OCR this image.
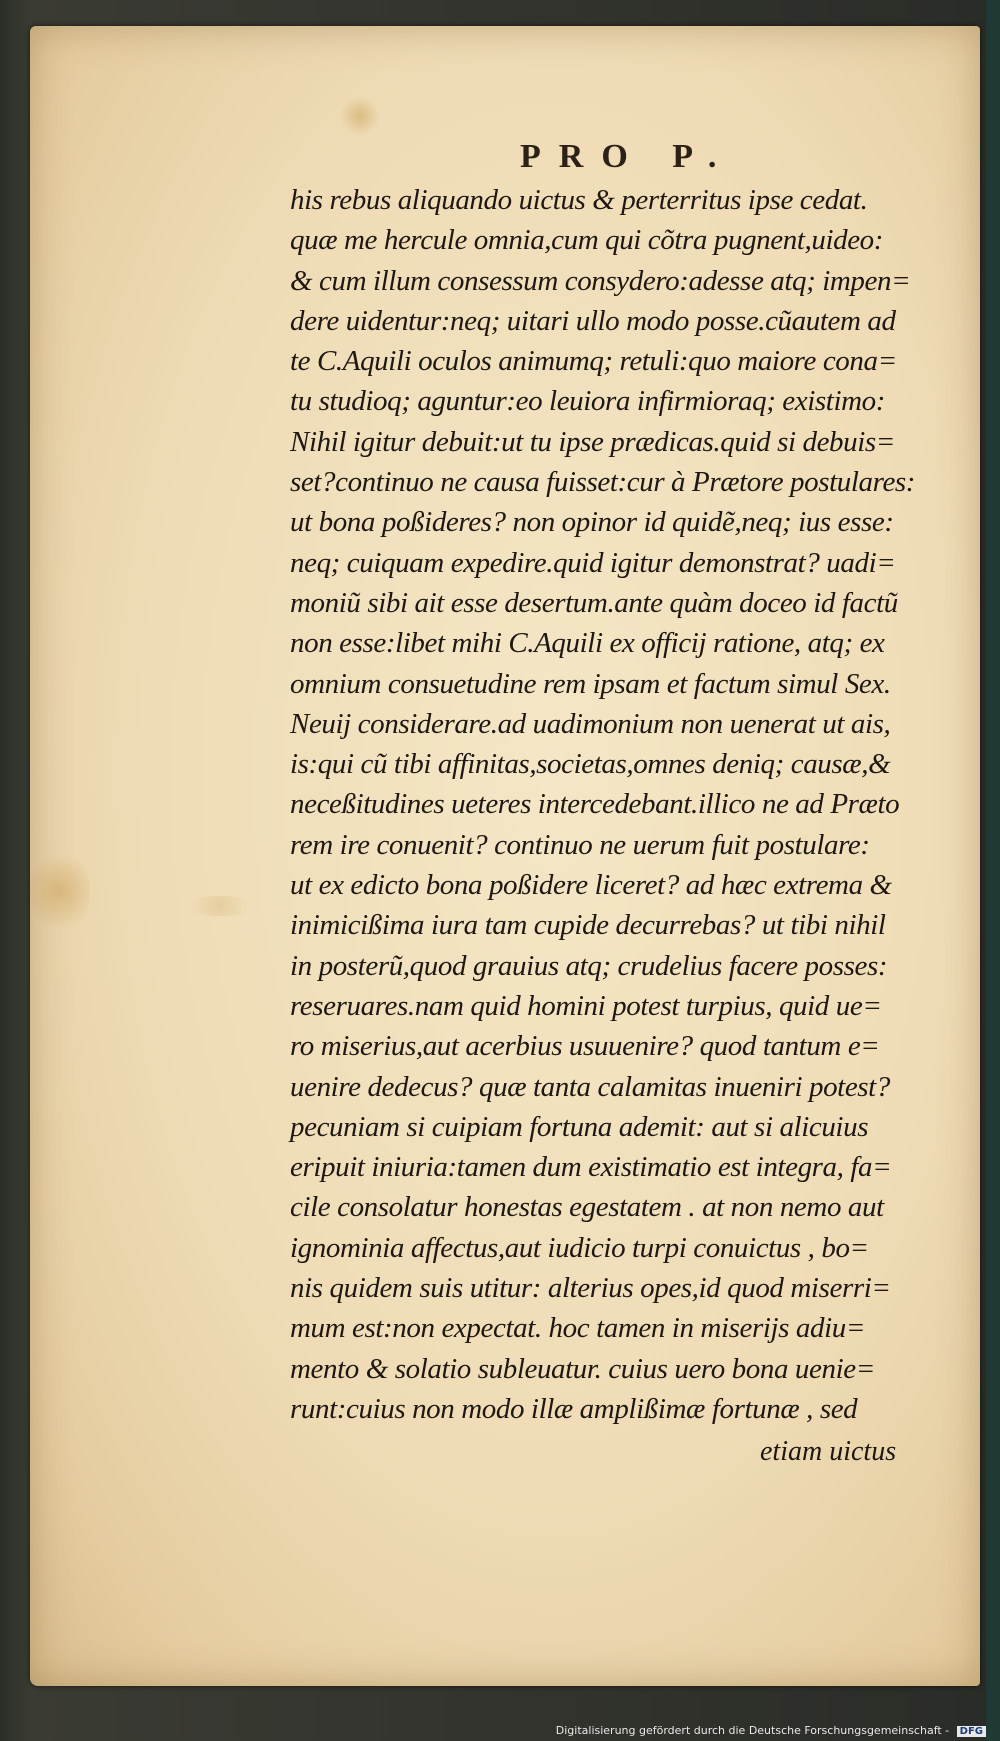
PRO P.
his rebus aliquando uictus & perterritus ipse cedat.
quæ me hercule omnia,cum qui cõtra pugnent,uideo:
& cum illum consessum consydero:adesse atq; impen=
dere uidentur:neq; uitari ullo modo posse.cũautem ad
te C.Aquili oculos animumq; retuli:quo maiore cona=
tu studioq; aguntur:eo leuiora infirmioraq; existimo:
Nihil igitur debuit:ut tu ipse prædicas.quid si debuis=
set?continuo ne causa fuisset:cur à Prætore postulares:
ut bona poßideres? non opinor id quidẽ,neq; ius esse:
neq; cuiquam expedire.quid igitur demonstrat? uadi=
moniũ sibi ait esse desertum.ante quàm doceo id factũ
non esse:libet mihi C.Aquili ex officij ratione, atq; ex
omnium consuetudine rem ipsam et factum simul Sex.
Neuij considerare.ad uadimonium non uenerat ut ais,
is:qui cũ tibi affinitas,societas,omnes deniq; causæ,&
neceßitudines ueteres intercedebant.illico ne ad Præto
rem ire conuenit? continuo ne uerum fuit postulare:
ut ex edicto bona poßidere liceret? ad hæc extrema &
inimicißima iura tam cupide decurrebas? ut tibi nihil
in posterũ,quod grauius atq; crudelius facere posses:
reseruares.nam quid homini potest turpius, quid ue=
ro miserius,aut acerbius usuuenire? quod tantum e=
uenire dedecus? quæ tanta calamitas inueniri potest?
pecuniam si cuipiam fortuna ademit: aut si alicuius
eripuit iniuria:tamen dum existimatio est integra, fa=
cile consolatur honestas egestatem . at non nemo aut
ignominia affectus,aut iudicio turpi conuictus , bo=
nis quidem suis utitur: alterius opes,id quod miserri=
mum est:non expectat. hoc tamen in miserijs adiu=
mento & solatio subleuatur. cuius uero bona uenie=
runt:cuius non modo illæ amplißimæ fortunæ , sed
etiam uictus
Digitalisierung gefördert durch die Deutsche Forschungsgemeinschaft - DFG
